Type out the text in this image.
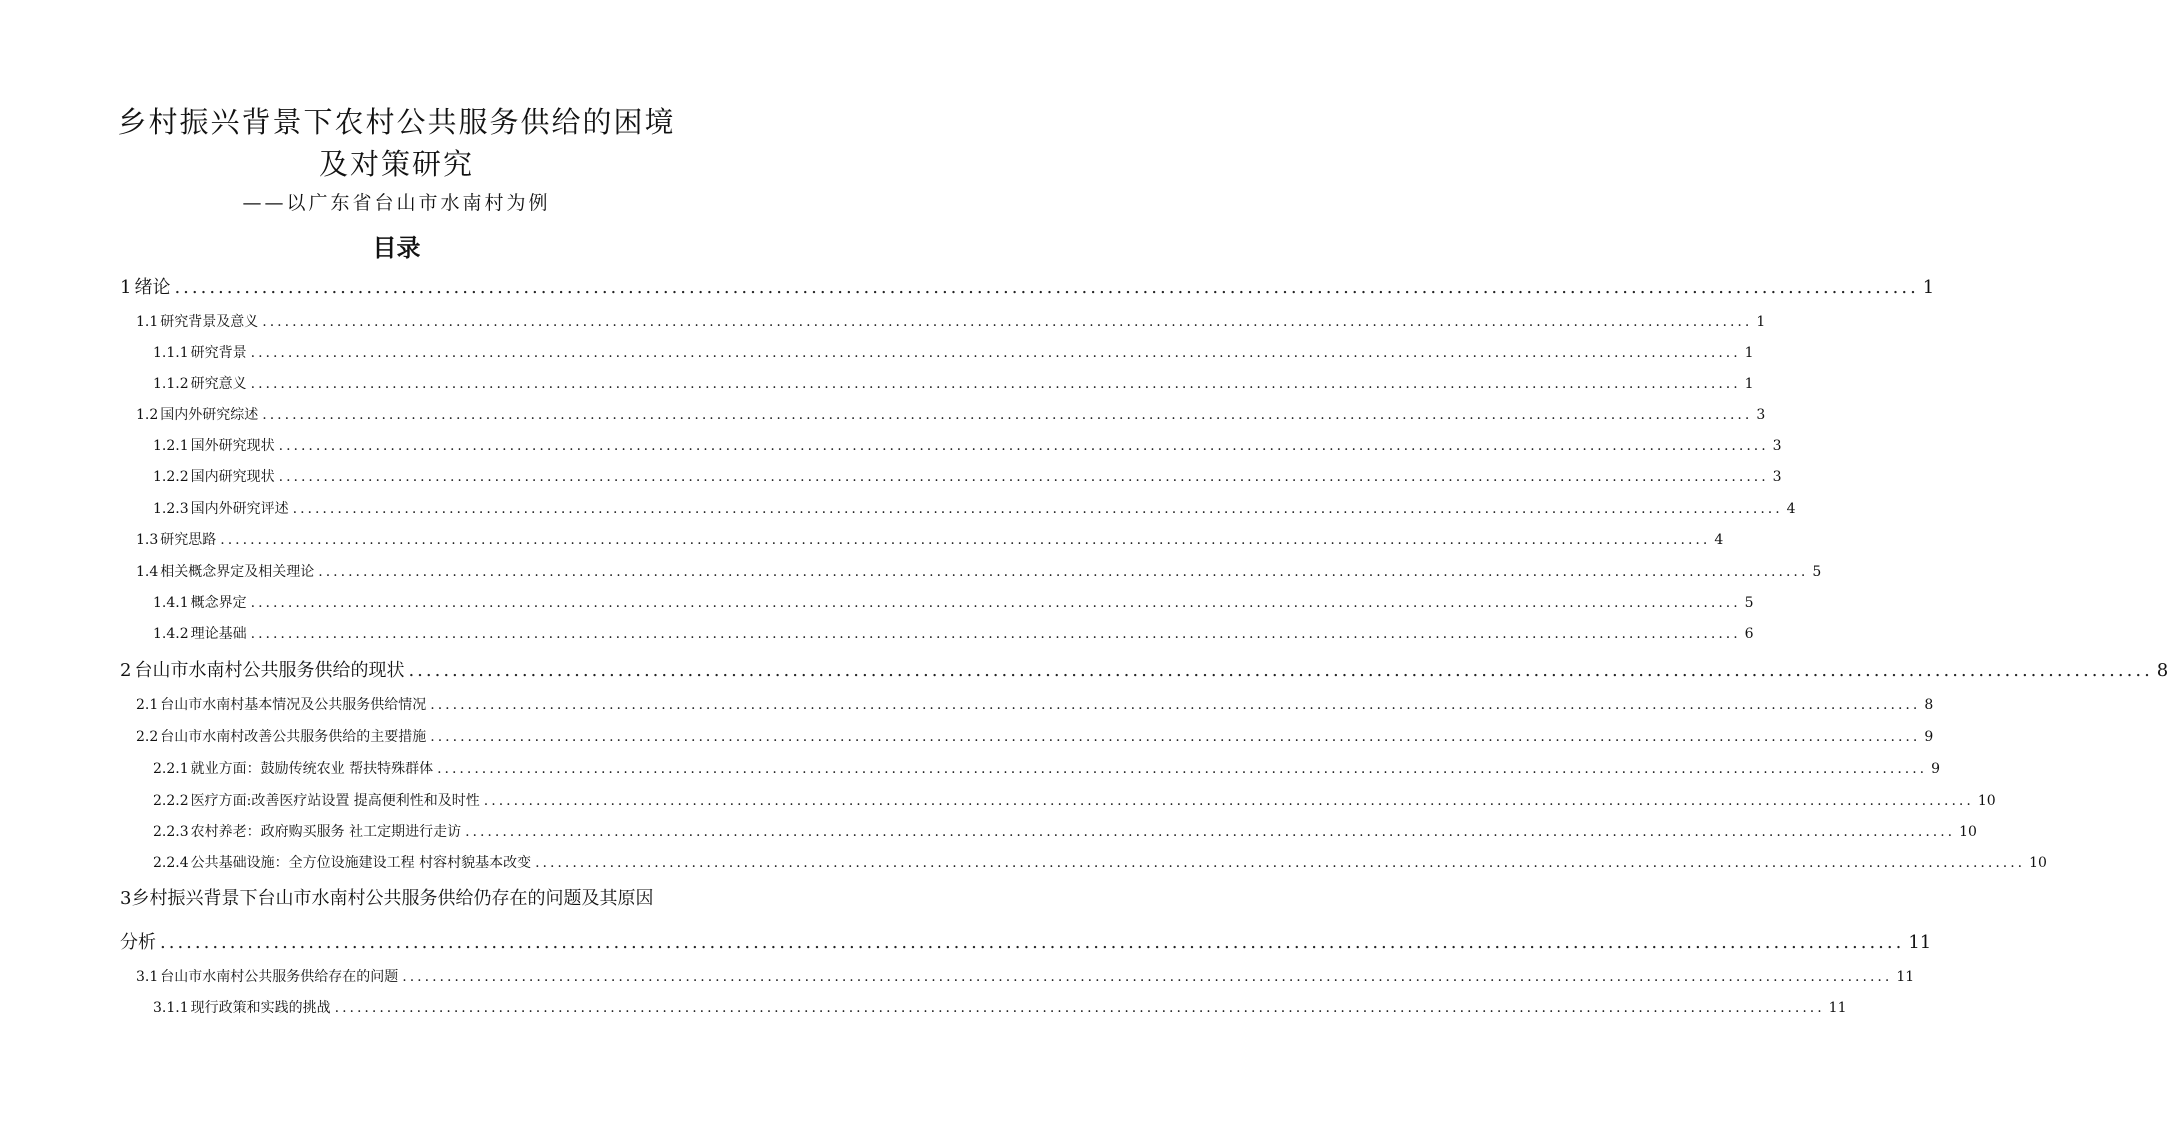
乡村振兴背景下农村公共服务供给的困境
及对策研究
——以广东省台山市水南村为例
目录
1 绪论 ........................................................................................................................................................................................................ 1
1.1 研究背景及意义 ........................................................................................................................................................................................................ 1
1.1.1 研究背景 ........................................................................................................................................................................................................ 1
1.1.2 研究意义 ........................................................................................................................................................................................................ 1
1.2 国内外研究综述 ........................................................................................................................................................................................................ 3
1.2.1 国外研究现状 ........................................................................................................................................................................................................ 3
1.2.2 国内研究现状 ........................................................................................................................................................................................................ 3
1.2.3 国内外研究评述 ........................................................................................................................................................................................................ 4
1.3 研究思路 ........................................................................................................................................................................................................ 4
1.4 相关概念界定及相关理论 ........................................................................................................................................................................................................ 5
1.4.1 概念界定 ........................................................................................................................................................................................................ 5
1.4.2 理论基础 ........................................................................................................................................................................................................ 6
2 台山市水南村公共服务供给的现状 ........................................................................................................................................................................................................ 8
2.1 台山市水南村基本情况及公共服务供给情况 ........................................................................................................................................................................................................ 8
2.2 台山市水南村改善公共服务供给的主要措施 ........................................................................................................................................................................................................ 9
2.2.1 就业方面：鼓励传统农业 帮扶特殊群体 ........................................................................................................................................................................................................ 9
2.2.2 医疗方面:改善医疗站设置 提高便利性和及时性 ........................................................................................................................................................................................................ 10
2.2.3 农村养老：政府购买服务 社工定期进行走访 ........................................................................................................................................................................................................ 10
2.2.4 公共基础设施：全方位设施建设工程 村容村貌基本改变 ........................................................................................................................................................................................................ 10
3乡村振兴背景下台山市水南村公共服务供给仍存在的问题及其原因
分析 ........................................................................................................................................................................................................ 11
3.1 台山市水南村公共服务供给存在的问题 ........................................................................................................................................................................................................ 11
3.1.1 现行政策和实践的挑战 ........................................................................................................................................................................................................ 11
